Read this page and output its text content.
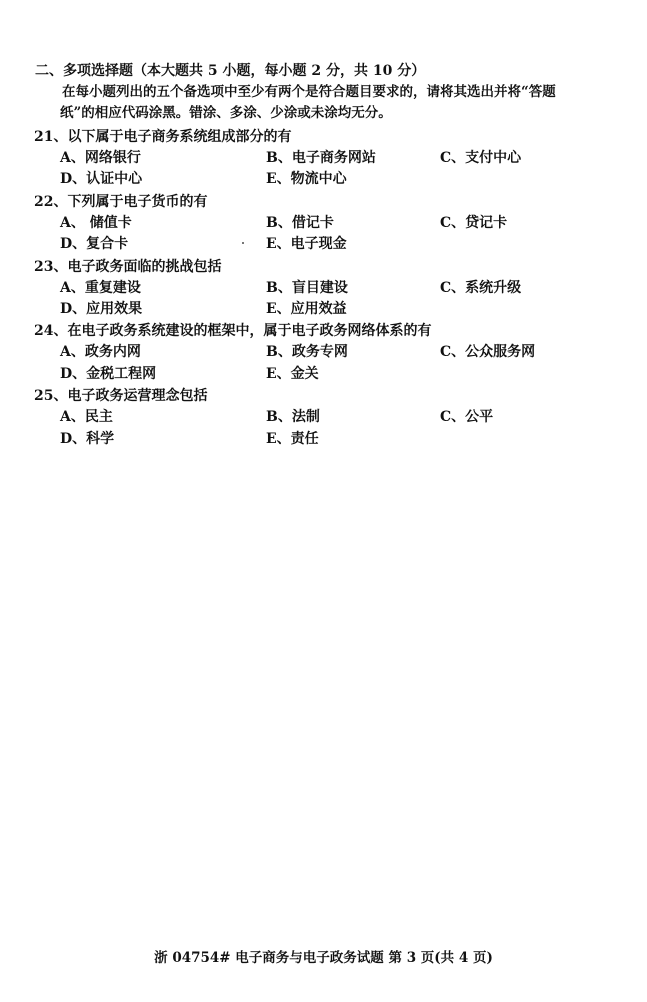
二、多项选择题（本大题共 5 小题，每小题 2 分，共 10 分）
在每小题列出的五个备选项中至少有两个是符合题目要求的，请将其选出并将“答题
纸”的相应代码涂黑。错涂、多涂、少涂或未涂均无分。
21、以下属于电子商务系统组成部分的有
A、网络银行	B、电子商务网站	C、支付中心
D、认证中心	E、物流中心
22、下列属于电子货币的有
A、 储值卡	B、借记卡	C、贷记卡
D、复合卡	E、电子现金
23、电子政务面临的挑战包括
A、重复建设	B、盲目建设	C、系统升级
D、应用效果	E、应用效益
24、在电子政务系统建设的框架中，属于电子政务网络体系的有
A、政务内网	B、政务专网	C、公众服务网
D、金税工程网	E、金关
25、电子政务运营理念包括
A、民主	B、法制	C、公平
D、科学	E、责任
浙 04754# 电子商务与电子政务试题 第 3 页(共 4 页)
